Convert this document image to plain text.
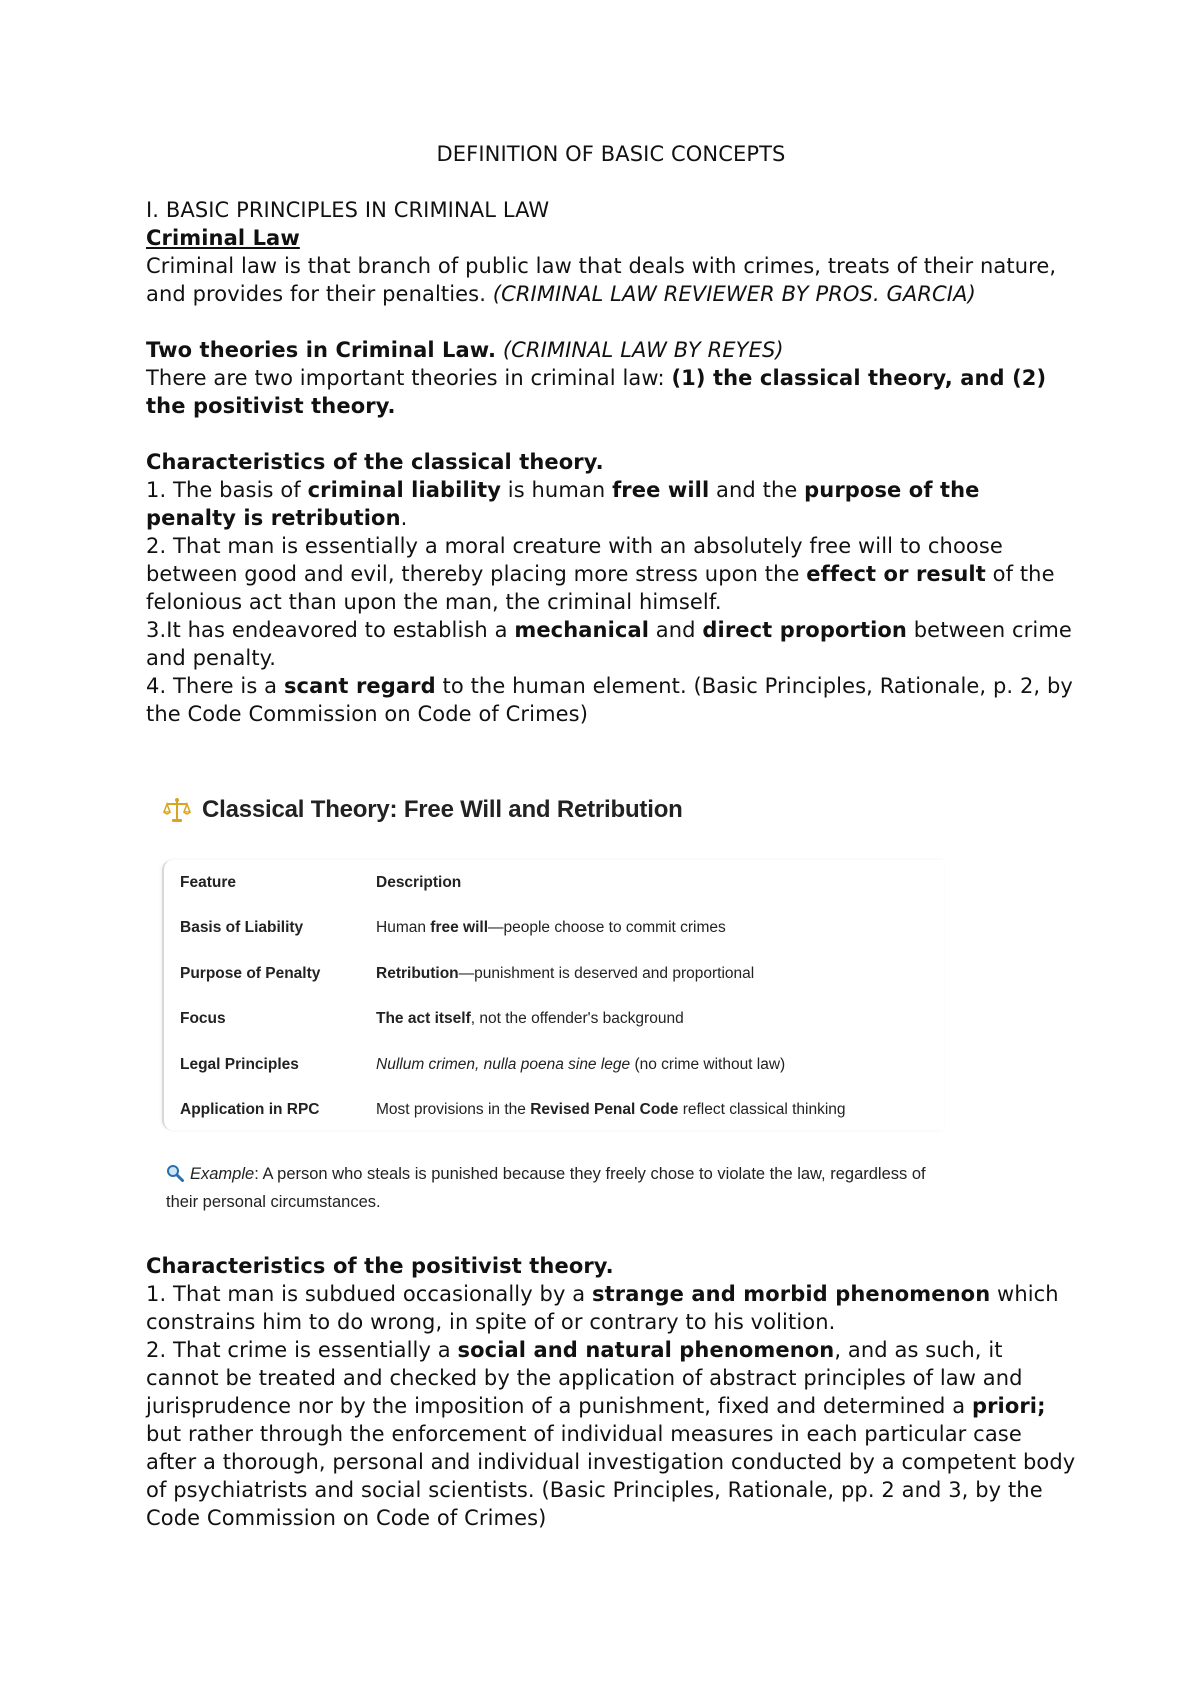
DEFINITION OF BASIC CONCEPTS
I. BASIC PRINCIPLES IN CRIMINAL LAW
Criminal Law

Criminal law is that branch of public law that deals with crimes, treats of their nature, and provides for their penalties. (CRIMINAL LAW REVIEWER BY PROS. GARCIA)

Two theories in Criminal Law. (CRIMINAL LAW BY REYES)

There are two important theories in criminal law: (1) the classical theory, and (2) the positivist theory.

Characteristics of the classical theory.

1. The basis of criminal liability is human free will and the purpose of the penalty is retribution.

2. That man is essentially a moral creature with an absolutely free will to choose between good and evil, thereby placing more stress upon the effect or result of the felonious act than upon the man, the criminal himself.

3.It has endeavored to establish a mechanical and direct proportion between crime and penalty.

4. There is a scant regard to the human element. (Basic Principles, Rationale, p. 2, by the Code Commission on Code of Crimes)

Classical Theory: Free Will and Retribution
Feature	Description
Basis of Liability	Human free will—people choose to commit crimes
Purpose of Penalty	Retribution—punishment is deserved and proportional
Focus	The act itself, not the offender's background
Legal Principles	Nullum crimen, nulla poena sine lege (no crime without law)
Application in RPC	Most provisions in the Revised Penal Code reflect classical thinking
Example: A person who steals is punished because they freely chose to violate the law, regardless of their personal circumstances.

Characteristics of the positivist theory.

1. That man is subdued occasionally by a strange and morbid phenomenon which constrains him to do wrong, in spite of or contrary to his volition.

2. That crime is essentially a social and natural phenomenon, and as such, it cannot be treated and checked by the application of abstract principles of law and jurisprudence nor by the imposition of a punishment, fixed and determined a priori; but rather through the enforcement of individual measures in each particular case after a thorough, personal and individual investigation conducted by a competent body of psychiatrists and social scientists. (Basic Principles, Rationale, pp. 2 and 3, by the Code Commission on Code of Crimes)
